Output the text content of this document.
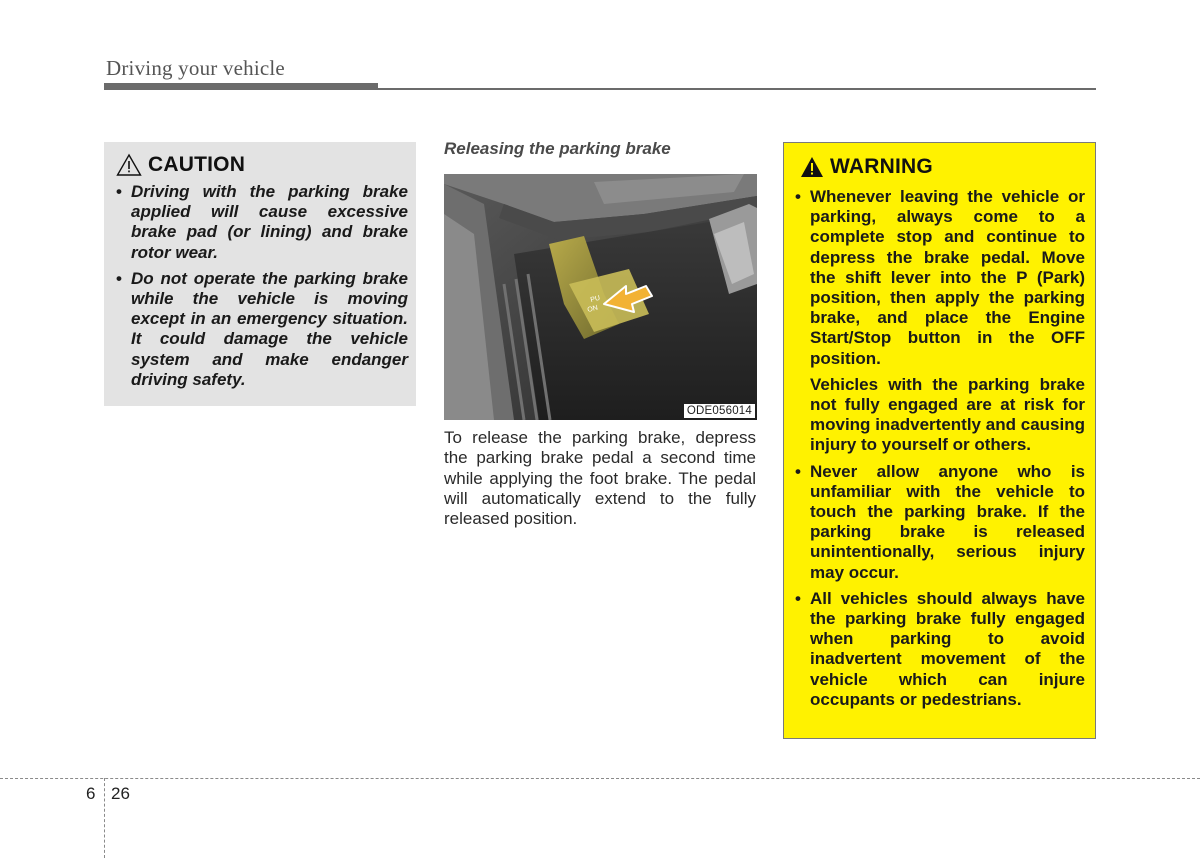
Driving your vehicle
CAUTION
• Driving with the parking brake applied will cause excessive brake pad (or lining) and brake rotor wear.
• Do not operate the parking brake while the vehicle is moving except in an emergency situation. It could damage the vehicle system and make endanger driving safety.
Releasing the parking brake
PU
ON
ODE056014
To release the parking brake, depress the parking brake pedal a second time while applying the foot brake. The pedal will automatically extend to the fully released position.
WARNING

• Whenever leaving the vehicle or parking, always come to a complete stop and continue to depress the brake pedal. Move the shift lever into the P (Park) position, then apply the parking brake, and place the Engine Start/Stop button in the OFF position.

Vehicles with the parking brake not fully engaged are at risk for moving inadvertently and causing injury to yourself or others.

• Never allow anyone who is unfamiliar with the vehicle to touch the parking brake. If the parking brake is released unintentionally, serious injury may occur.
• All vehicles should always have the parking brake fully engaged when parking to avoid inadvertent movement of the vehicle which can injure occupants or pedestrians.
6 26
